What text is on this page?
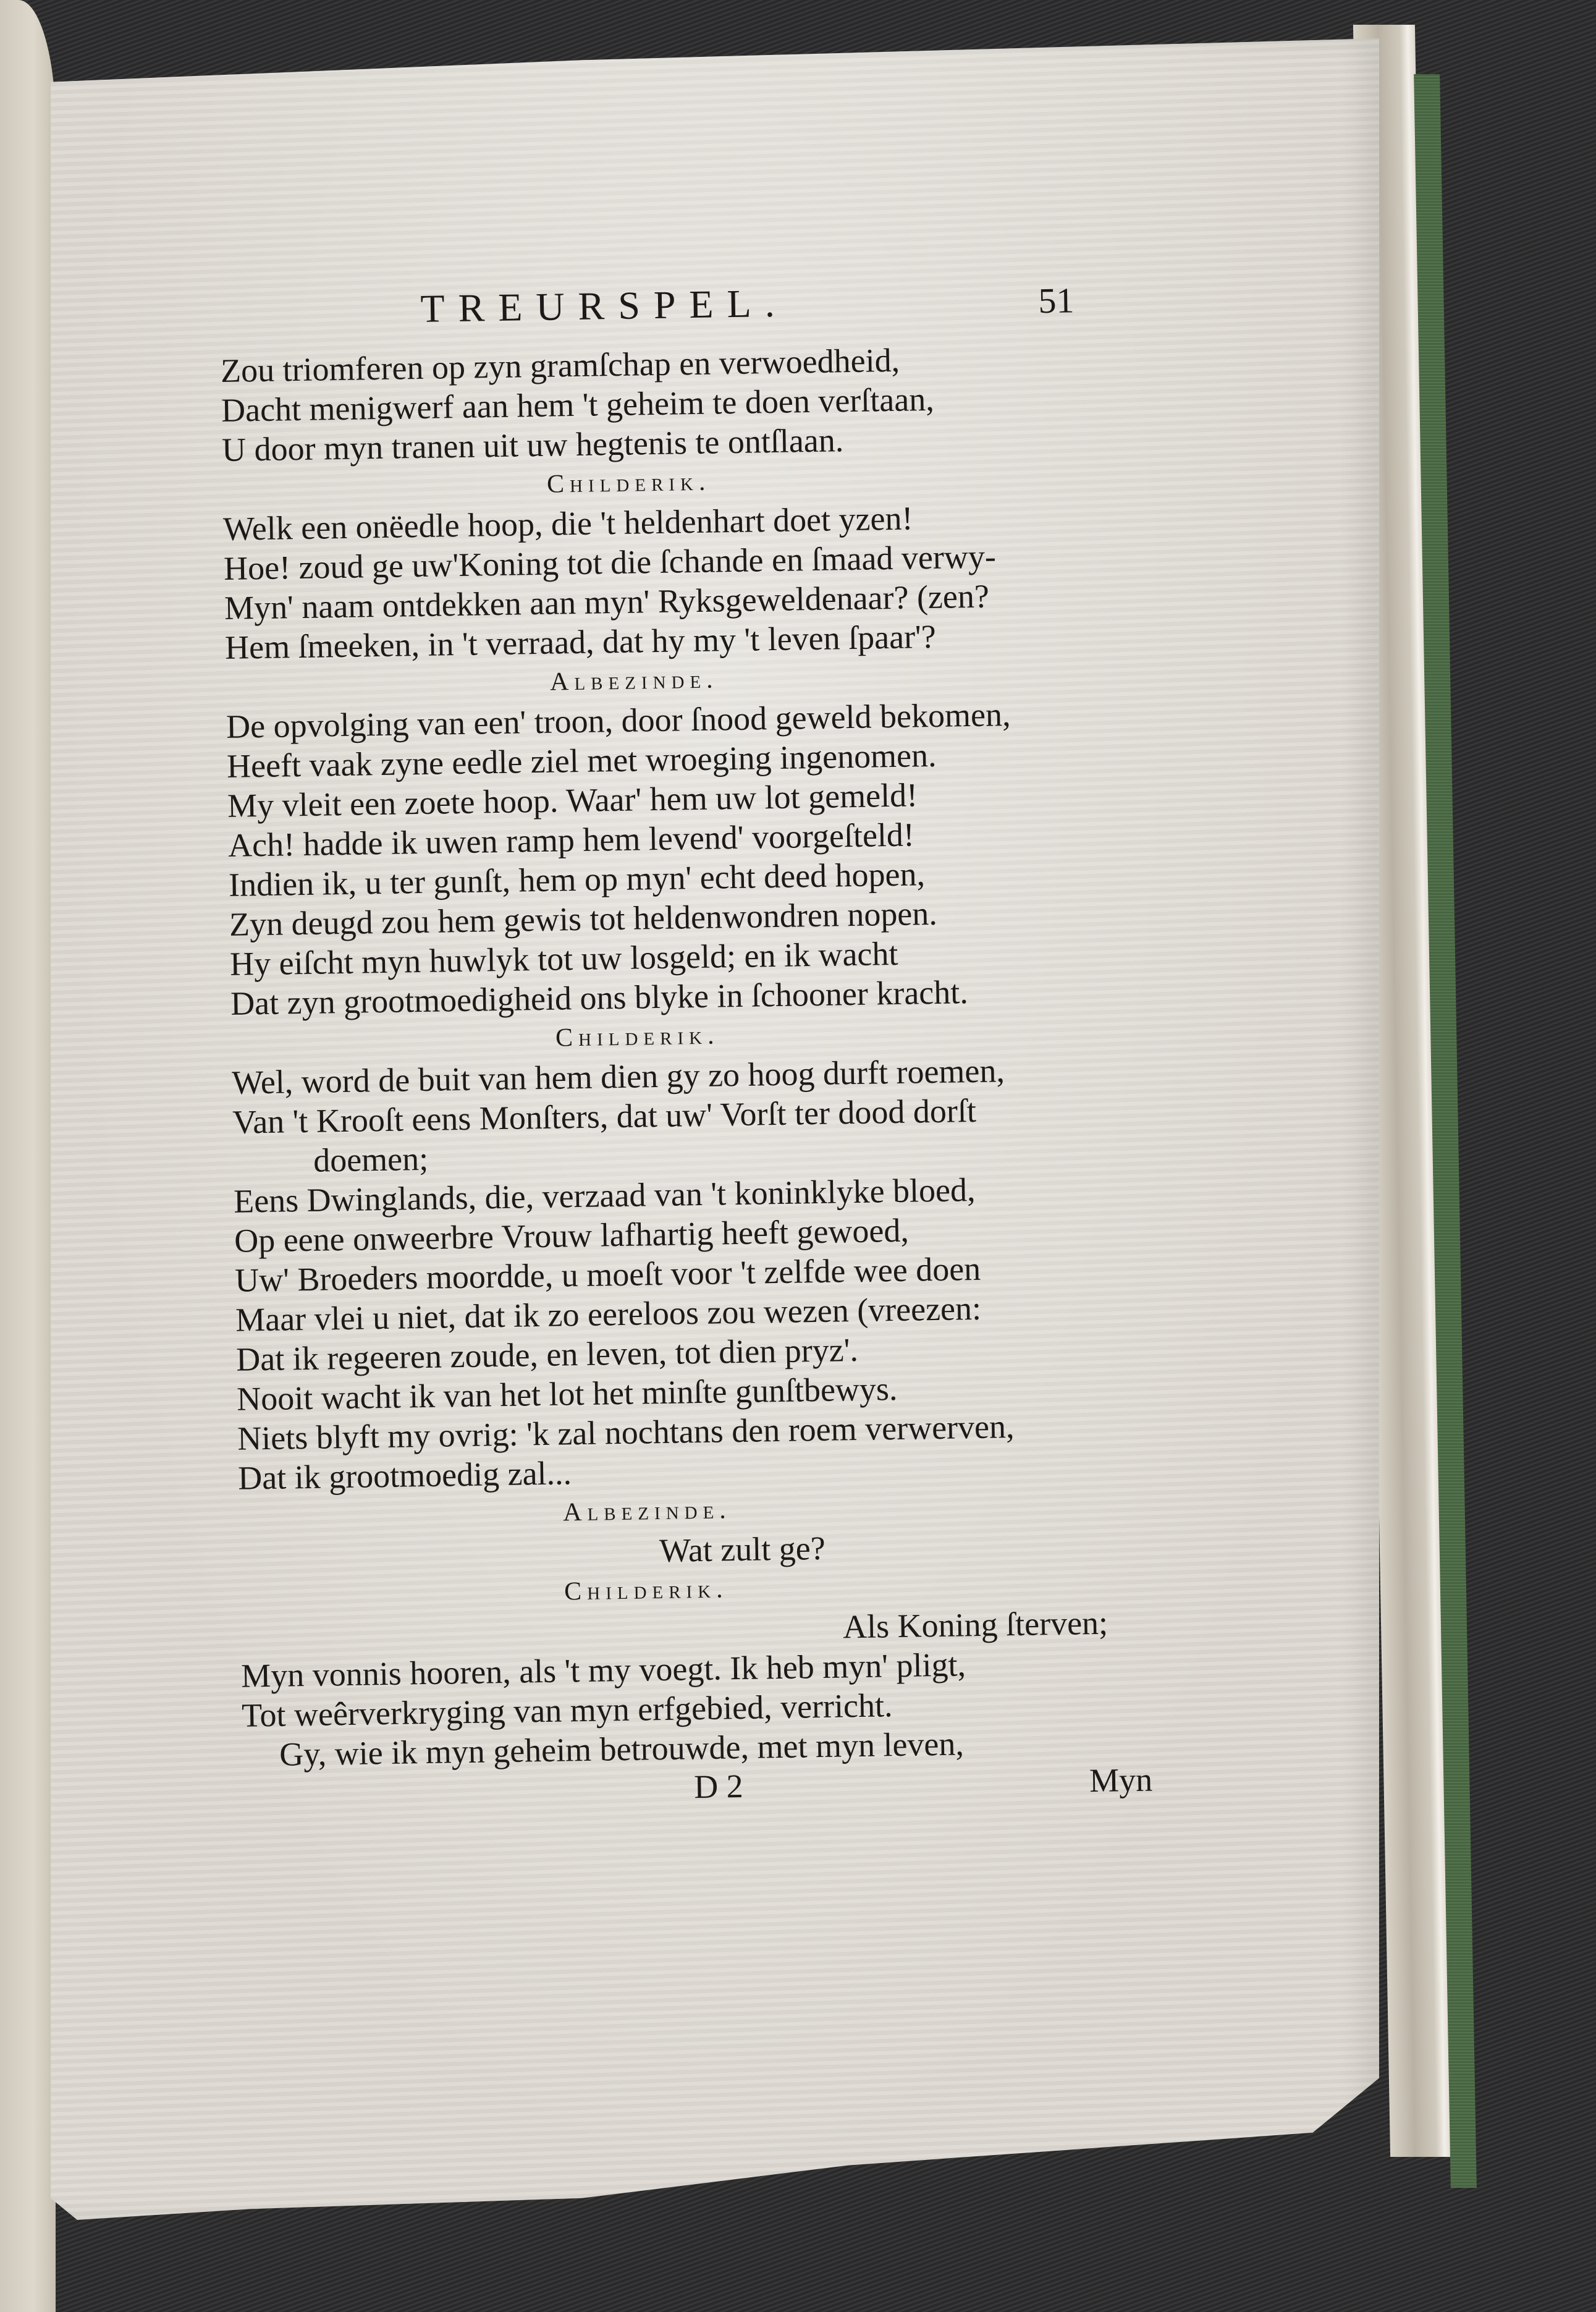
TREURSPEL.	51
Zou triomferen op zyn gramſchap en verwoedheid,
Dacht menigwerf aan hem 't geheim te doen verſtaan,
U door myn tranen uit uw hegtenis te ontſlaan.
Childerik.
Welk een onëedle hoop, die 't heldenhart doet yzen!
Hoe! zoud ge uw'Koning tot die ſchande en ſmaad verwy-
Myn' naam ontdekken aan myn' Ryksgeweldenaar? (zen?
Hem ſmeeken, in 't verraad, dat hy my 't leven ſpaar'?
Albezinde.
De opvolging van een' troon, door ſnood geweld bekomen,
Heeft vaak zyne eedle ziel met wroeging ingenomen.
My vleit een zoete hoop. Waar' hem uw lot gemeld!
Ach! hadde ik uwen ramp hem levend' voorgeſteld!
Indien ik, u ter gunſt, hem op myn' echt deed hopen,
Zyn deugd zou hem gewis tot heldenwondren nopen.
Hy eiſcht myn huwlyk tot uw losgeld; en ik wacht
Dat zyn grootmoedigheid ons blyke in ſchooner kracht.
Childerik.
Wel, word de buit van hem dien gy zo hoog durft roemen,
Van 't Krooſt eens Monſters, dat uw' Vorſt ter dood dorſt
doemen;
Eens Dwinglands, die, verzaad van 't koninklyke bloed,
Op eene onweerbre Vrouw lafhartig heeft gewoed,
Uw' Broeders moordde, u moeſt voor 't zelfde wee doen
Maar vlei u niet, dat ik zo eereloos zou wezen (vreezen:
Dat ik regeeren zoude, en leven, tot dien pryz'.
Nooit wacht ik van het lot het minſte gunſtbewys.
Niets blyft my ovrig: 'k zal nochtans den roem verwerven,
Dat ik grootmoedig zal...
Albezinde.
Wat zult ge?
Childerik.
Als Koning ſterven;
Myn vonnis hooren, als 't my voegt. Ik heb myn' pligt,
Tot weêrverkryging van myn erfgebied, verricht.
Gy, wie ik myn geheim betrouwde, met myn leven,
D 2	Myn
